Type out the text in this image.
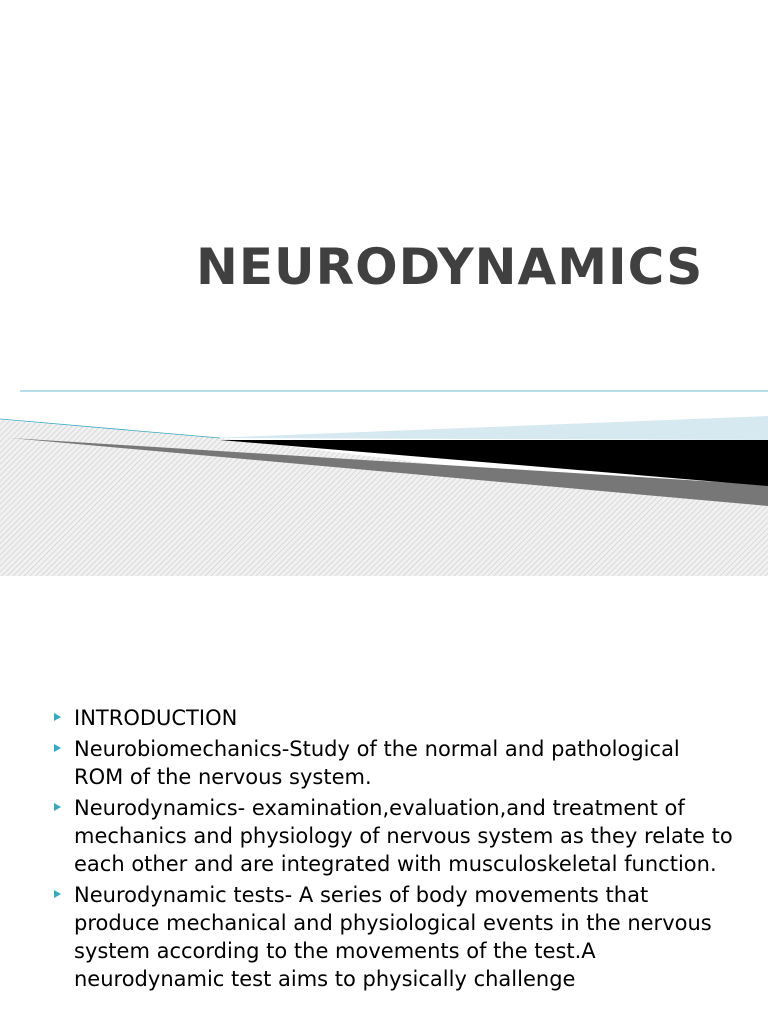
NEURODYNAMICS
INTRODUCTION
Neurobiomechanics-Study of the normal and pathological ROM of the nervous system.
Neurodynamics- examination,evaluation,and treatment of mechanics and physiology of nervous system as they relate to each other and are integrated with musculoskeletal function.
Neurodynamic tests- A series of body movements that produce mechanical and physiological events in the nervous system according to the movements of the test.A neurodynamic test aims to physically challenge
